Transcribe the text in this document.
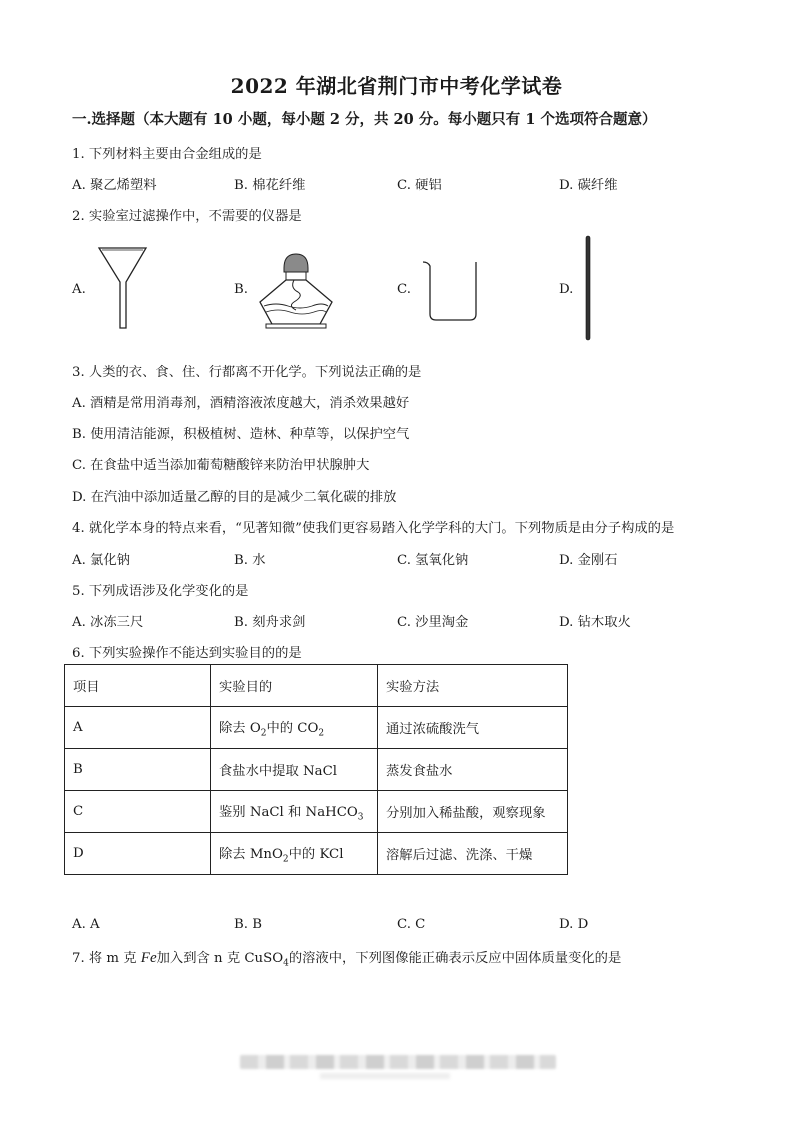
2022 年湖北省荆门市中考化学试卷
一.选择题（本大题有 10 小题，每小题 2 分，共 20 分。每小题只有 1 个选项符合题意）
1. 下列材料主要由合金组成的是
A. 聚乙烯塑料	B. 棉花纤维	C. 硬铝	D. 碳纤维
2. 实验室过滤操作中，不需要的仪器是
A.	B.	C.	D.
3. 人类的衣、食、住、行都离不开化学。下列说法正确的是
A. 酒精是常用消毒剂，酒精溶液浓度越大，消杀效果越好
B. 使用清洁能源，积极植树、造林、种草等，以保护空气
C. 在食盐中适当添加葡萄糖酸锌来防治甲状腺肿大
D. 在汽油中添加适量乙醇的目的是减少二氧化碳的排放
4. 就化学本身的特点来看，“见著知微”使我们更容易踏入化学学科的大门。下列物质是由分子构成的是
A. 氯化钠	B. 水	C. 氢氧化钠	D. 金刚石
5. 下列成语涉及化学变化的是
A. 冰冻三尺	B. 刻舟求剑	C. 沙里淘金	D. 钻木取火
6. 下列实验操作不能达到实验目的的是
项目	实验目的	实验方法
A	除去 $O_2$中的 $CO_2$	通过浓硫酸洗气
B	食盐水中提取 NaCl	蒸发食盐水
C	鉴别 NaCl 和 NaHCO$_3$	分别加入稀盐酸，观察现象
D	除去 MnO$_2$中的 KCl	溶解后过滤、洗涤、干燥
A. A	B. B	C. C	D. D
7. 将 m 克 Fe加入到含 n 克 CuSO$_4$的溶液中，下列图像能正确表示反应中固体质量变化的是
